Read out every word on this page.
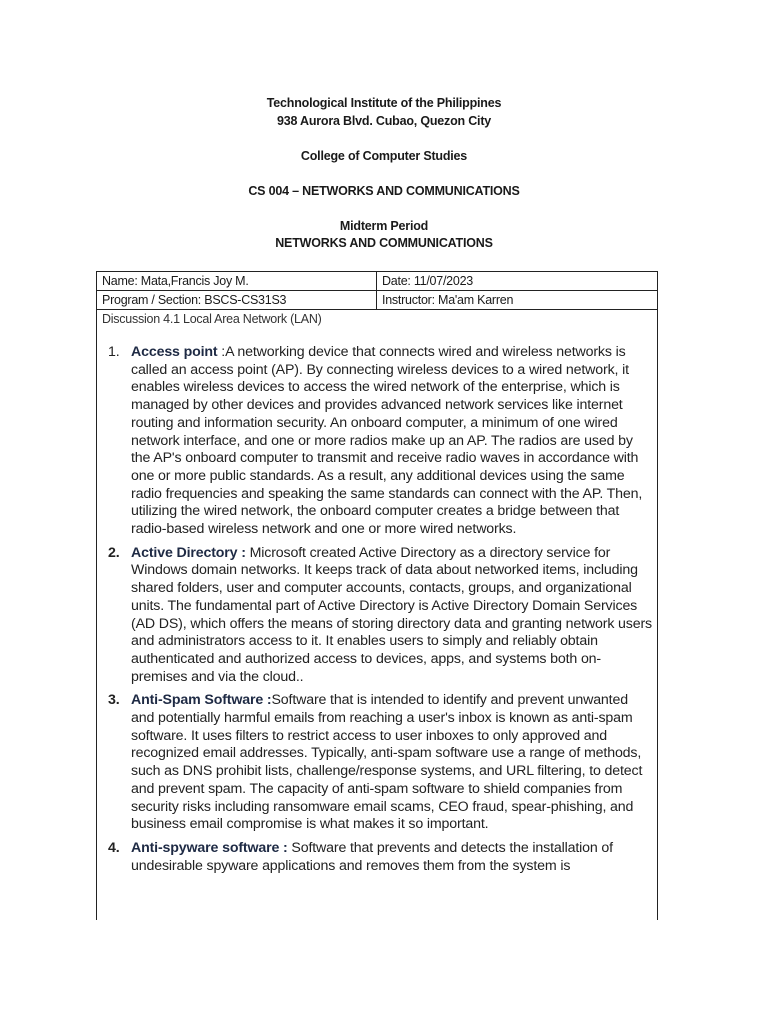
Technological Institute of the Philippines
938 Aurora Blvd. Cubao, Quezon City
College of Computer Studies
CS 004 – NETWORKS AND COMMUNICATIONS
Midterm Period
NETWORKS AND COMMUNICATIONS
Name: Mata,Francis Joy M.	Date: 11/07/2023
Program / Section: BSCS-CS31S3	Instructor: Ma'am Karren
Discussion 4.1 Local Area Network (LAN)
1. Access point :A networking device that connects wired and wireless networks is called an access point (AP). By connecting wireless devices to a wired network, it enables wireless devices to access the wired network of the enterprise, which is managed by other devices and provides advanced network services like internet routing and information security. An onboard computer, a minimum of one wired network interface, and one or more radios make up an AP. The radios are used by the AP's onboard computer to transmit and receive radio waves in accordance with one or more public standards. As a result, any additional devices using the same radio frequencies and speaking the same standards can connect with the AP. Then, utilizing the wired network, the onboard computer creates a bridge between that radio-based wireless network and one or more wired networks.
2. Active Directory : Microsoft created Active Directory as a directory service for Windows domain networks. It keeps track of data about networked items, including shared folders, user and computer accounts, contacts, groups, and organizational units. The fundamental part of Active Directory is Active Directory Domain Services (AD DS), which offers the means of storing directory data and granting network users and administrators access to it. It enables users to simply and reliably obtain authenticated and authorized access to devices, apps, and systems both on-premises and via the cloud..
3. Anti-Spam Software :Software that is intended to identify and prevent unwanted and potentially harmful emails from reaching a user's inbox is known as anti-spam software. It uses filters to restrict access to user inboxes to only approved and recognized email addresses. Typically, anti-spam software use a range of methods, such as DNS prohibit lists, challenge/response systems, and URL filtering, to detect and prevent spam. The capacity of anti-spam software to shield companies from security risks including ransomware email scams, CEO fraud, spear-phishing, and business email compromise is what makes it so important.
4. Anti-spyware software : Software that prevents and detects the installation of undesirable spyware applications and removes them from the system is
